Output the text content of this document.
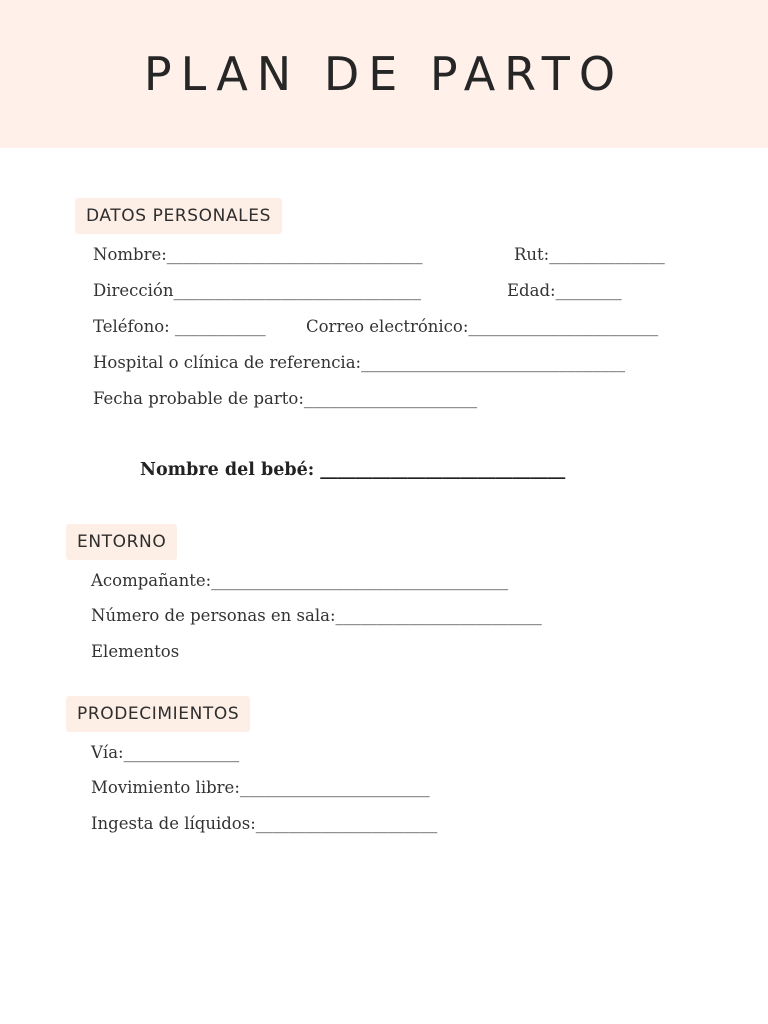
PLAN DE PARTO
DATOS PERSONALES
Nombre:_______________________________	Rut:______________
Dirección______________________________	Edad:________
Teléfono: ___________ Correo electrónico:_______________________
Hospital o clínica de referencia:________________________________
Fecha probable de parto:_____________________
Nombre del bebé: ____________________________
ENTORNO
Acompañante:____________________________________
Número de personas en sala:_________________________
Elementos
PRODECIMIENTOS
Vía:______________
Movimiento libre:_______________________
Ingesta de líquidos:______________________
